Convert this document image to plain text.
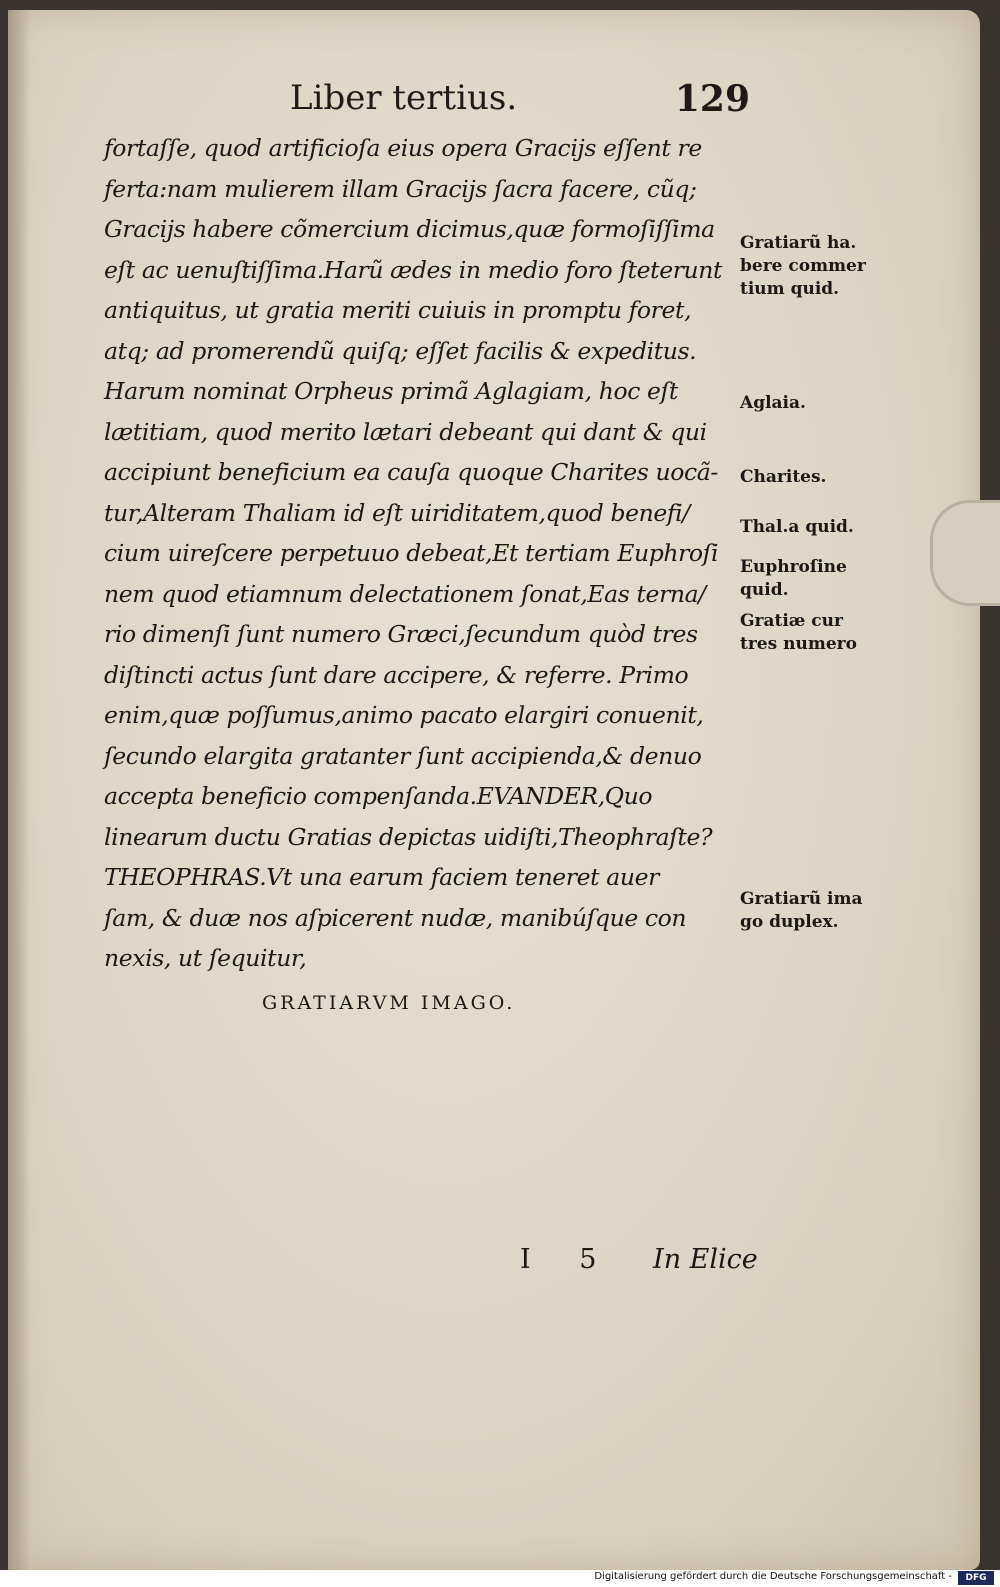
Liber tertius.	129
fortaſſe, quod artificioſa eius opera Gracijs eſſent re
ferta:nam mulierem illam Gracijs ſacra facere, cũq;
Gracijs habere cõmercium dicimus,quæ formoſiſſima
eſt ac uenuſtiſſima.Harũ ædes in medio foro ſteterunt
antiquitus, ut gratia meriti cuiuis in promptu foret,
atq; ad promerendũ quiſq; eſſet facilis & expeditus.
Harum nominat Orpheus primã Aglagiam, hoc eſt
lætitiam, quod merito lætari debeant qui dant & qui
accipiunt beneficium ea cauſa quoque Charites uocã-
tur,Alteram Thaliam id eſt uiriditatem,quod benefi/
cium uireſcere perpetuuo debeat,Et tertiam Euphroſi
nem quod etiamnum delectationem ſonat,Eas terna/
rio dimenſi ſunt numero Græci,ſecundum quòd tres
diſtincti actus ſunt dare accipere, & referre. Primo
enim,quæ poſſumus,animo pacato elargiri conuenit,
ſecundo elargita gratanter ſunt accipienda,& denuo
accepta beneficio compenſanda.EVANDER,Quo
linearum ductu Gratias depictas uidiſti,Theophraſte?
THEOPHRAS.Vt una earum faciem teneret auer
ſam, & duæ nos aſpicerent nudæ, manibúſque con
nexis, ut ſequitur,
GRATIARVM IMAGO.
Gratiarũ ha.
bere commer
tium quid.
Aglaia.
Charites.
Thal.a quid.
Euphroſine
quid.
Gratiæ cur
tres numero
Gratiarũ ima
go duplex.
I 5 In Elice
Digitalisierung gefördert durch die Deutsche Forschungsgemeinschaft -	DFG
